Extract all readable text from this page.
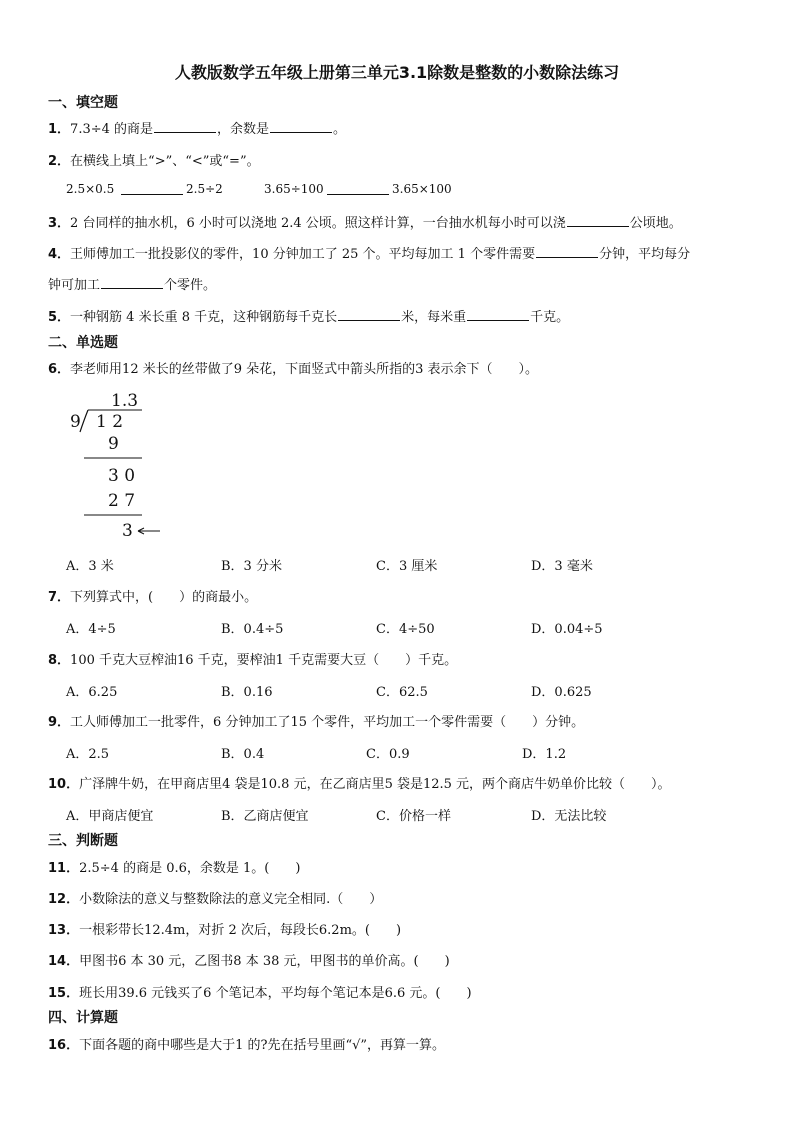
人教版数学五年级上册第三单元3.1除数是整数的小数除法练习
一、填空题
1．7.3÷4 的商是	，余数是	。
2．在横线上填上“>”、“<”或“=”。
2.5×0.5	2.5÷2	3.65÷100	3.65×100
3．2 台同样的抽水机，6 小时可以浇地 2.4 公顷。照这样计算，一台抽水机每小时可以浇	公顷地。
4．王师傅加工一批投影仪的零件，10 分钟加工了 25 个。平均每加工 1 个零件需要	分钟，平均每分
钟可加工	个零件。
5．一种钢筋 4 米长重 8 千克，这种钢筋每千克长	米，每米重	千克。
二、单选题
6．李老师用12 米长的丝带做了9 朵花，下面竖式中箭头所指的3 表示余下（　　）。
1.3
9 1 2
9
3 0
2 7
3
A．3 米	B．3 分米	C．3 厘米	D．3 毫米
7．下列算式中，(　　）的商最小。
A．4÷5	B．0.4÷5	C．4÷50	D．0.04÷5
8．100 千克大豆榨油16 千克，要榨油1 千克需要大豆（　　）千克。
A．6.25	B．0.16	C．62.5	D．0.625
9．工人师傅加工一批零件，6 分钟加工了15 个零件，平均加工一个零件需要（　　）分钟。
A．2.5	B．0.4	C．0.9	D．1.2
10．广泽牌牛奶，在甲商店里4 袋是10.8 元，在乙商店里5 袋是12.5 元，两个商店牛奶单价比较（　　）。
A．甲商店便宜	B．乙商店便宜	C．价格一样	D．无法比较
三、判断题
11．2.5÷4 的商是 0.6，余数是 1。(　　)
12．小数除法的意义与整数除法的意义完全相同.（　　）
13．一根彩带长12.4m，对折 2 次后，每段长6.2m。(　　)
14．甲图书6 本 30 元，乙图书8 本 38 元，甲图书的单价高。(　　)
15．班长用39.6 元钱买了6 个笔记本，平均每个笔记本是6.6 元。(　　)
四、计算题
16．下面各题的商中哪些是大于1 的?先在括号里画“√”，再算一算。
